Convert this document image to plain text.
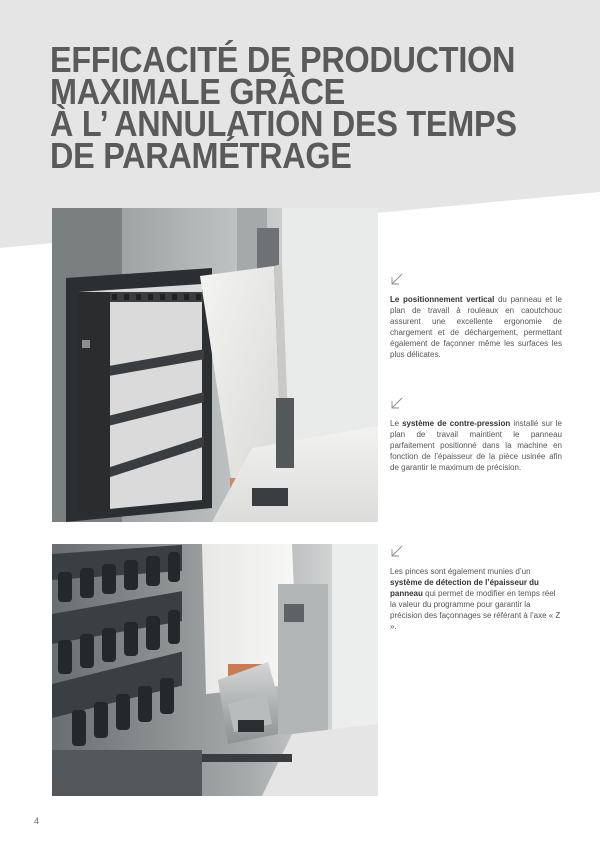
EFFICACITÉ DE PRODUCTION
MAXIMALE GRÂCE
À L’ ANNULATION DES TEMPS
DE PARAMÉTRAGE

Le positionnement vertical du panneau et le plan de travail à rouleaux en caoutchouc assurent une excellente ergonomie de chargement et de déchargement, permettant également de façonner même les surfaces les plus délicates.

Le système de contre-pression installé sur le plan de travail maintient le panneau parfaitement positionné dans la machine en fonction de l’épaisseur de la pièce usinée afin de garantir le maximum de précision.

Les pinces sont également munies d’un système de détection de l’épaisseur du panneau qui permet de modifier en temps réel la valeur du programme pour garantir la précision des façonnages se référant à l’axe « Z ».

4
